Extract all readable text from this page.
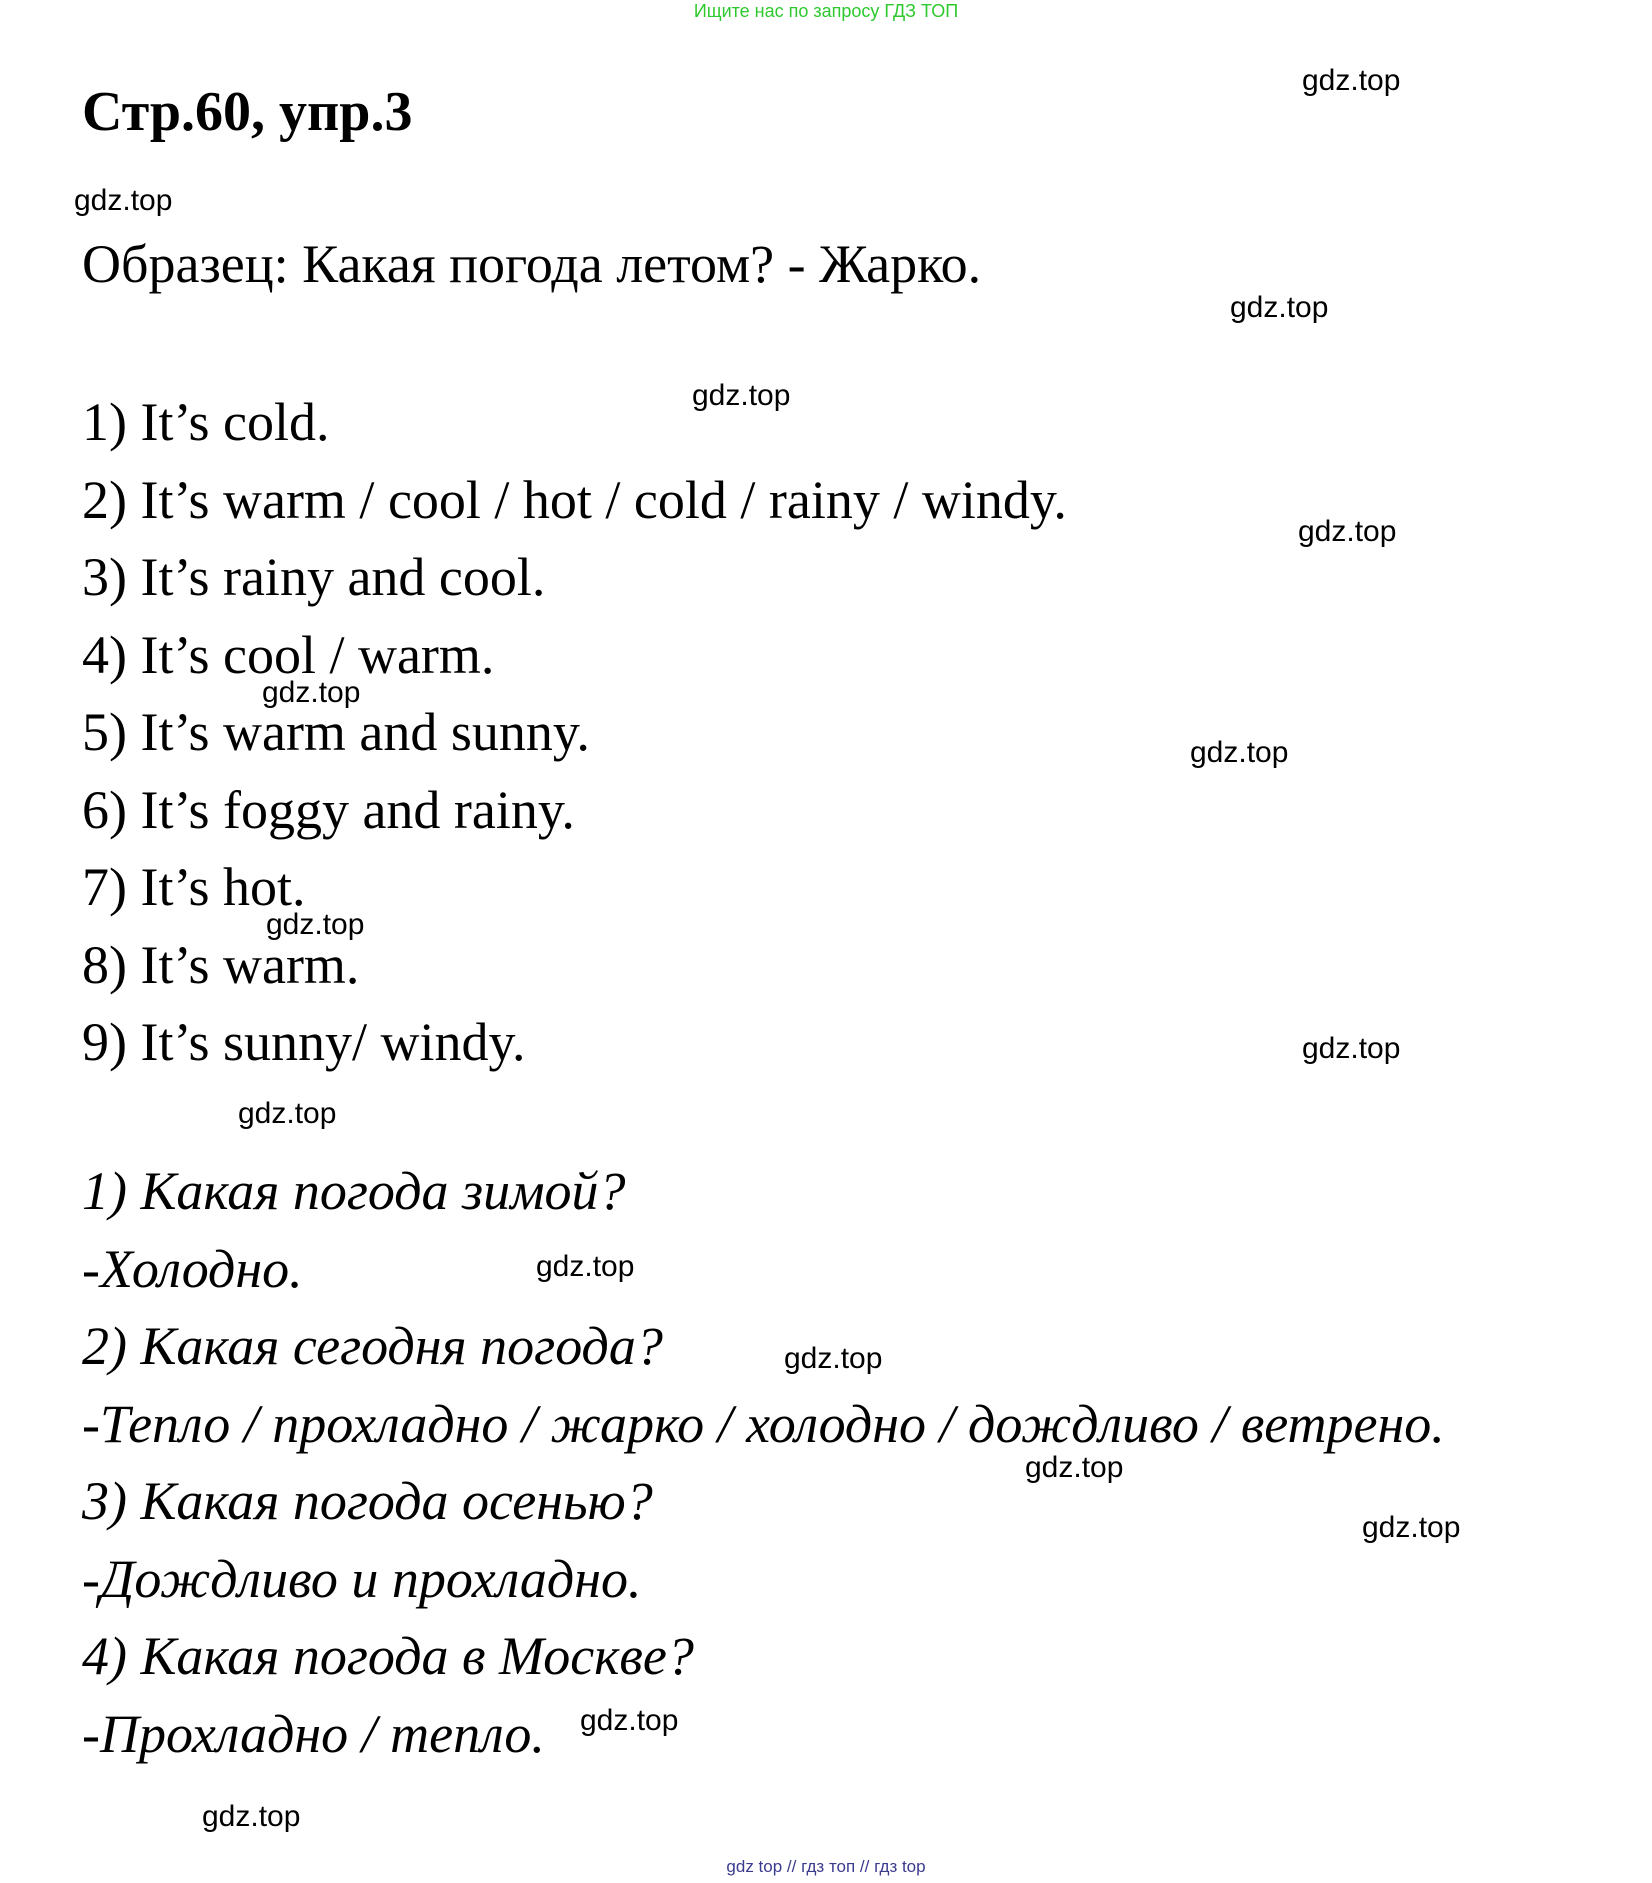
Ищите нас по запросу ГДЗ ТОП
Стр.60, упр.3
Образец: Какая погода летом? - Жарко.
1) It’s cold.
2) It’s warm / cool / hot / cold / rainy / windy.
3) It’s rainy and cool.
4) It’s cool / warm.
5) It’s warm and sunny.
6) It’s foggy and rainy.
7) It’s hot.
8) It’s warm.
9) It’s sunny/ windy.
1) Какая погода зимой?
-Холодно.
2) Какая сегодня погода?
-Тепло / прохладно / жарко / холодно / дождливо / ветрено.
3) Какая погода осенью?
-Дождливо и прохладно.
4) Какая погода в Москве?
-Прохладно / тепло.
gdz.top
gdz.top
gdz.top
gdz.top
gdz.top
gdz.top
gdz.top
gdz.top
gdz.top
gdz.top
gdz.top
gdz.top
gdz.top
gdz.top
gdz.top
gdz.top
gdz top // гдз топ // гдз top
